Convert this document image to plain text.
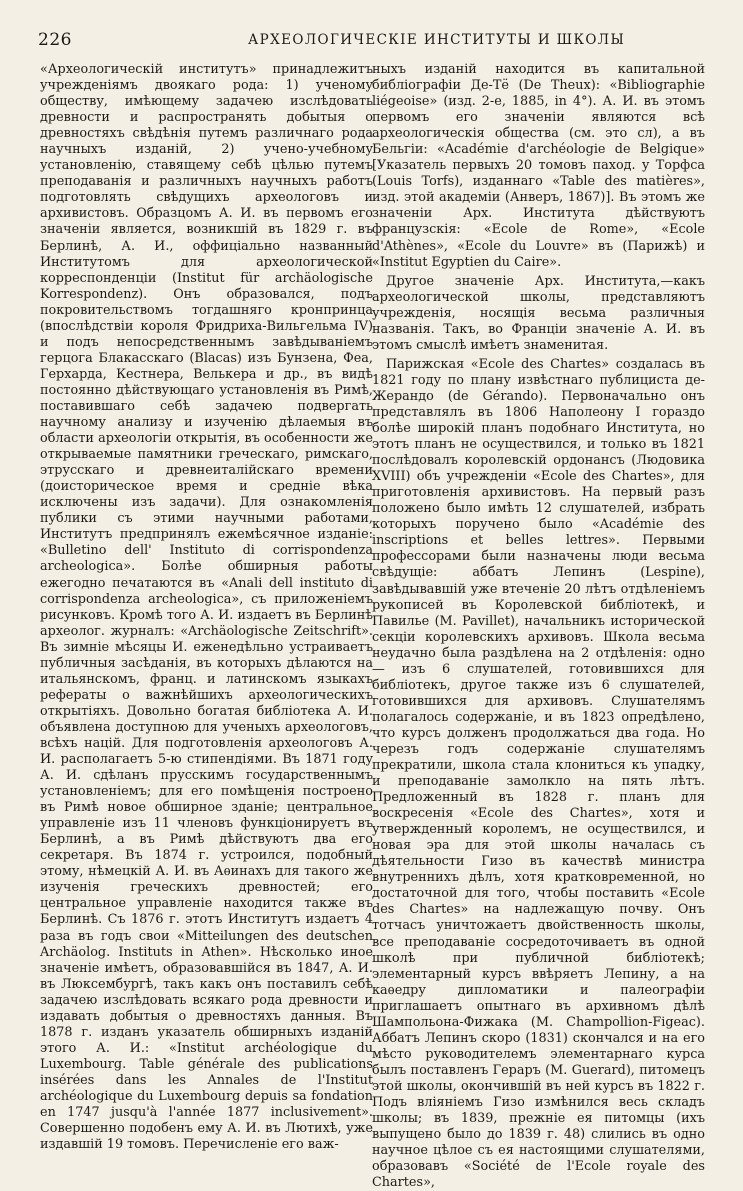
226	АРХЕОЛОГИЧЕСКІЕ ИНСТИТУТЫ И ШКОЛЫ

«Археологическій институтъ» принадлежитъ учрежденіямъ двоякаго рода: 1) ученому обществу, имѣющему задачею изслѣдовать древности и распространять добытыя о древностяхъ свѣдѣнія путемъ различнаго рода научныхъ изданій, 2) учено-учебному установленію, ставящему себѣ цѣлью путемъ преподаванія и различныхъ научныхъ работъ подготовлять свѣдущихъ археологовъ и архивистовъ. Образцомъ А. И. въ первомъ его значеніи является, возникшій въ 1829 г. въ Берлинѣ, А. И., оффиціально названный Институтомъ для археологической корреспонденціи (Institut für archäologische Korrespondenz). Онъ образовался, подъ покровительствомъ тогдашняго кронпринца (впослѣдствіи короля Фридриха-Вильгельма IV) и подъ непосредственнымъ завѣдываніемъ герцога Блакасскаго (Blacas) изъ Бунзена, Феа, Герхарда, Кестнера, Велькера и др., въ видѣ постоянно дѣйствующаго установленія въ Римѣ, поставившаго себѣ задачею подвергать научному анализу и изученію дѣлаемыя въ области археологіи открытія, въ особенности же открываемые памятники греческаго, римскаго, этрусскаго и древнеиталійскаго времени (доисторическое время и средніе вѣка исключены изъ задачи). Для ознакомленія публики съ этими научными работами, Институтъ предпринялъ ежемѣсячное изданіе: «Bulletino dell' Instituto di corrispondenza archeologica». Болѣе обширныя работы ежегодно печатаются въ «Anali dell instituto di corrispondenza archeologica», съ приложеніемъ рисунковъ. Кромѣ того А. И. издаетъ въ Берлинѣ археолог. журналъ: «Archäologische Zeitschrift». Въ зимніе мѣсяцы И. еженедѣльно устраиваетъ публичныя засѣданія, въ которыхъ дѣлаются на итальянскомъ, франц. и латинскомъ языкахъ рефераты о важнѣйшихъ археологическихъ открытіяхъ. Довольно богатая библіотека А. И. объявлена доступною для ученыхъ археологовъ, всѣхъ націй. Для подготовленія археологовъ А. И. располагаетъ 5-ю стипендіями. Въ 1871 году А. И. сдѣланъ прусскимъ государственнымъ установленіемъ; для его помѣщенія построено въ Римѣ новое обширное зданіе; центральное управленіе изъ 11 членовъ функціонируетъ въ Берлинѣ, а въ Римѣ дѣйствуютъ два его секретаря. Въ 1874 г. устроился, подобный этому, нѣмецкій А. И. въ Аѳинахъ для такого же изученія греческихъ древностей; его центральное управленіе находится также въ Берлинѣ. Съ 1876 г. этотъ Институтъ издаетъ 4 раза въ годъ свои «Mitteilungen des deutschen Archäolog. Instituts in Athen». Нѣсколько иное значеніе имѣетъ, образовавшійся въ 1847, А. И. въ Люксембургѣ, такъ какъ онъ поставилъ себѣ задачею изслѣдовать всякаго рода древности и издавать добытыя о древностяхъ данныя. Въ 1878 г. изданъ указатель обширныхъ изданій этого А. И.: «Institut archéologique du Luxembourg. Table générale des publications insérées dans les Annales de l'Institut archéologique du Luxembourg depuis sa fondation en 1747 jusqu'à l'année 1877 inclusivement». Совершенно подобенъ ему А. И. въ Лютихѣ, уже издавшій 19 томовъ. Перечисленіе его важ-

ныхъ изданій находится въ капитальной библіографіи Де-Тё (De Theux): «Bibliographie liégeoise» (изд. 2-е, 1885, in 4°). А. И. въ этомъ первомъ его значеніи являются всѣ археологическія общества (см. это сл), а въ Бельгіи: «Académie d'archéologie de Belgique» [Указатель первыхъ 20 томовъ паход. у Торфса (Louis Torfs), изданнаго «Table des matières», изд. этой академіи (Анверъ, 1867)]. Въ этомъ же значеніи Арх. Института дѣйствуютъ французскія: «Ecole de Rome», «Ecole d'Athènes», «Ecole du Louvre» въ (Парижѣ) и «Institut Egyptien du Caire».

Другое значеніе Арх. Института,—какъ археологической школы, представляютъ учрежденія, носящія весьма различныя названія. Такъ, во Франціи значеніе А. И. въ этомъ смыслѣ имѣетъ знаменитая.

Парижская «Ecole des Chartes» создалась въ 1821 году по плану извѣстнаго публициста де-Жерандо (de Gérando). Первоначально онъ представлялъ въ 1806 Наполеону I гораздо болѣе широкій планъ подобнаго Института, но этотъ планъ не осуществился, и только въ 1821 послѣдовалъ королевскій ордонансъ (Людовика XVIII) объ учрежденіи «Ecole des Chartes», для приготовленія архивистовъ. На первый разъ положено было имѣть 12 слушателей, избрать которыхъ поручено было «Académie des inscriptions et belles lettres». Первыми профессорами были назначены люди весьма свѣдущіе: аббатъ Лепинъ (Lespine), завѣдывавшій уже втеченіе 20 лѣтъ отдѣленіемъ рукописей въ Королевской библіотекѣ, и Павилье (M. Pavillet), начальникъ исторической секціи королевскихъ архивовъ. Школа весьма неудачно была раздѣлена на 2 отдѣленія: одно — изъ 6 слушателей, готовившихся для библіотекъ, другое также изъ 6 слушателей, готовившихся для архивовъ. Слушателямъ полагалось содержаніе, и въ 1823 опредѣлено, что курсъ долженъ продолжаться два года. Но черезъ годъ содержаніе слушателямъ прекратили, школа стала клониться къ упадку, и преподаваніе замолкло на пять лѣтъ. Предложенный въ 1828 г. планъ для воскресенія «Ecole des Chartes», хотя и утвержденный королемъ, не осуществился, и новая эра для этой школы началась съ дѣятельности Гизо въ качествѣ министра внутреннихъ дѣлъ, хотя кратковременной, но достаточной для того, чтобы поставить «Ecole des Chartes» на надлежащую почву. Онъ тотчасъ уничтожаетъ двойственность школы, все преподаваніе сосредоточиваетъ въ одной школѣ при публичной библіотекѣ; элементарный курсъ ввѣряетъ Лепину, а на каѳедру дипломатики и палеографіи приглашаетъ опытнаго въ архивномъ дѣлѣ Шампольона-Фижака (M. Champollion-Figeac). Аббатъ Лепинъ скоро (1831) скончался и на его мѣсто руководителемъ элементарнаго курса былъ поставленъ Гераръ (M. Guerard), питомецъ этой школы, окончившій въ ней курсъ въ 1822 г. Подъ вліяніемъ Гизо измѣнился весь складъ школы; въ 1839, прежніе ея питомцы (ихъ выпущено было до 1839 г. 48) слились въ одно научное цѣлое съ ея настоящими слушателями, образовавъ «Société de l'Ecole royale des Chartes»,
